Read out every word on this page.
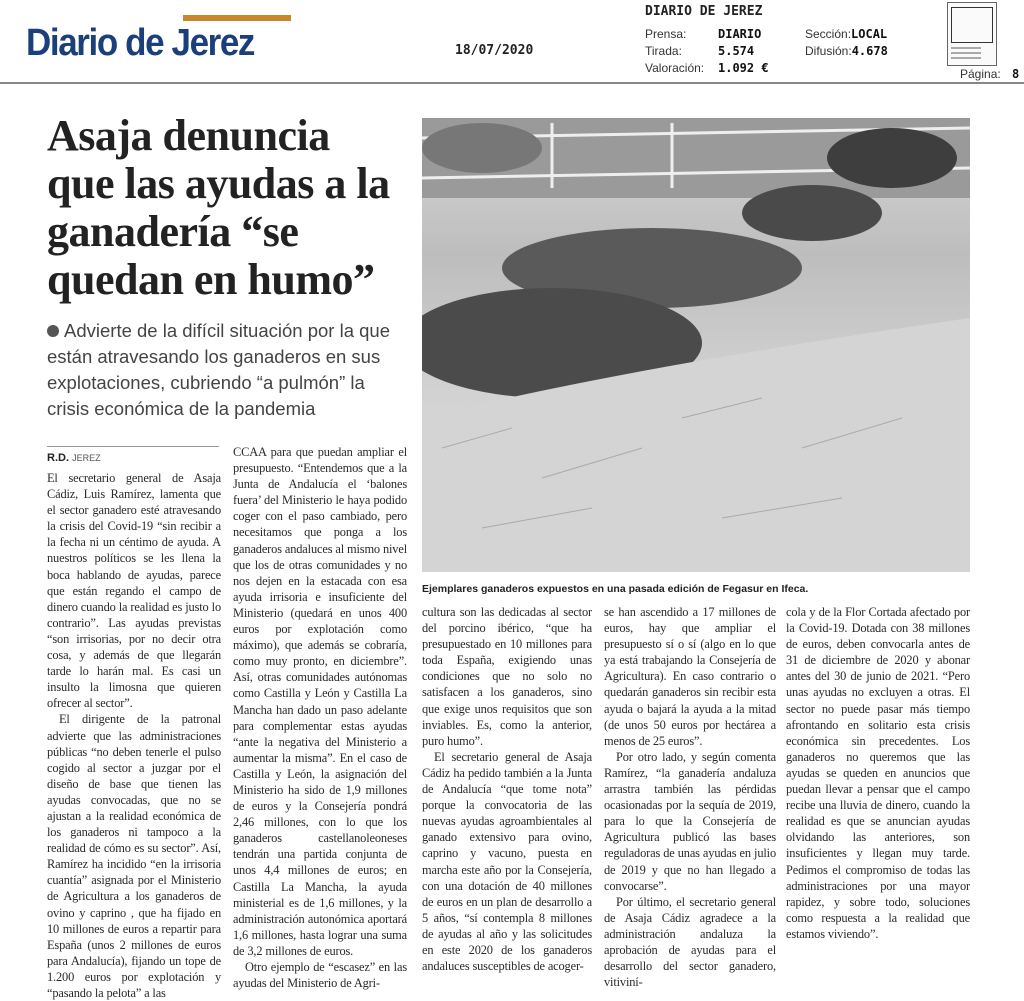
Diario de Jerez	18/07/2020
DIARIO DE JEREZ
Prensa:	DIARIO
Tirada:	5.574
Valoración: 1.092 €
Sección:LOCAL
Difusión:4.678
Página: 8
Asaja denuncia que las ayudas a la ganadería “se quedan en humo”
Advierte de la difícil situación por la que están atravesando los ganaderos en sus explotaciones, cubriendo “a pulmón” la crisis económica de la pandemia
Ejemplares ganaderos expuestos en una pasada edición de Fegasur en Ifeca.
R.D. JEREZ

El secretario general de Asaja Cádiz, Luis Ramírez, lamenta que el sector ganadero esté atravesando la crisis del Covid-19 “sin recibir a la fecha ni un céntimo de ayuda. A nuestros políticos se les llena la boca hablando de ayudas, parece que están regando el campo de dinero cuando la realidad es justo lo contrario”. Las ayudas previstas “son irrisorias, por no decir otra cosa, y además de que llegarán tarde lo harán mal. Es casi un insulto la limosna que quieren ofrecer al sector”.

El dirigente de la patronal advierte que las administraciones públicas “no deben tenerle el pulso cogido al sector a juzgar por el diseño de base que tienen las ayudas convocadas, que no se ajustan a la realidad económica de los ganaderos ni tampoco a la realidad de cómo es su sector”. Así, Ramírez ha incidido “en la irrisoria cuantía” asignada por el Ministerio de Agricultura a los ganaderos de ovino y caprino , que ha fijado en 10 millones de euros a repartir para España (unos 2 millones de euros para Andalucía), fijando un tope de 1.200 euros por explotación y “pasando la pelota” a las

CCAA para que puedan ampliar el presupuesto. “Entendemos que a la Junta de Andalucía el ‘balones fuera’ del Ministerio le haya podido coger con el paso cambiado, pero necesitamos que ponga a los ganaderos andaluces al mismo nivel que los de otras comunidades y no nos dejen en la estacada con esa ayuda irrisoria e insuficiente del Ministerio (quedará en unos 400 euros por explotación como máximo), que además se cobraría, como muy pronto, en diciembre”. Así, otras comunidades autónomas como Castilla y León y Castilla La Mancha han dado un paso adelante para complementar estas ayudas “ante la negativa del Ministerio a aumentar la misma”. En el caso de Castilla y León, la asignación del Ministerio ha sido de 1,9 millones de euros y la Consejería pondrá 2,46 millones, con lo que los ganaderos castellanoleoneses tendrán una partida conjunta de unos 4,4 millones de euros; en Castilla La Mancha, la ayuda ministerial es de 1,6 millones, y la administración autonómica aportará 1,6 millones, hasta lograr una suma de 3,2 millones de euros.

Otro ejemplo de “escasez” en las ayudas del Ministerio de Agri-

cultura son las dedicadas al sector del porcino ibérico, “que ha presupuestado en 10 millones para toda España, exigiendo unas condiciones que no solo no satisfacen a los ganaderos, sino que exige unos requisitos que son inviables. Es, como la anterior, puro humo”.

El secretario general de Asaja Cádiz ha pedido también a la Junta de Andalucía “que tome nota” porque la convocatoria de las nuevas ayudas agroambientales al ganado extensivo para ovino, caprino y vacuno, puesta en marcha este año por la Consejería, con una dotación de 40 millones de euros en un plan de desarrollo a 5 años, “sí contempla 8 millones de ayudas al año y las solicitudes en este 2020 de los ganaderos andaluces susceptibles de acoger-

se han ascendido a 17 millones de euros, hay que ampliar el presupuesto sí o sí (algo en lo que ya está trabajando la Consejería de Agricultura). En caso contrario o quedarán ganaderos sin recibir esta ayuda o bajará la ayuda a la mitad (de unos 50 euros por hectárea a menos de 25 euros”.

Por otro lado, y según comenta Ramírez, “la ganadería andaluza arrastra también las pérdidas ocasionadas por la sequía de 2019, para lo que la Consejería de Agricultura publicó las bases reguladoras de unas ayudas en julio de 2019 y que no han llegado a convocarse”.

Por último, el secretario general de Asaja Cádiz agradece a la administración andaluza la aprobación de ayudas para el desarrollo del sector ganadero, vitiviní-

cola y de la Flor Cortada afectado por la Covid-19. Dotada con 38 millones de euros, deben convocarla antes de 31 de diciembre de 2020 y abonar antes del 30 de junio de 2021. “Pero unas ayudas no excluyen a otras. El sector no puede pasar más tiempo afrontando en solitario esta crisis económica sin precedentes. Los ganaderos no queremos que las ayudas se queden en anuncios que puedan llevar a pensar que el campo recibe una lluvia de dinero, cuando la realidad es que se anuncian ayudas olvidando las anteriores, son insuficientes y llegan muy tarde. Pedimos el compromiso de todas las administraciones por una mayor rapidez, y sobre todo, soluciones como respuesta a la realidad que estamos viviendo”.
